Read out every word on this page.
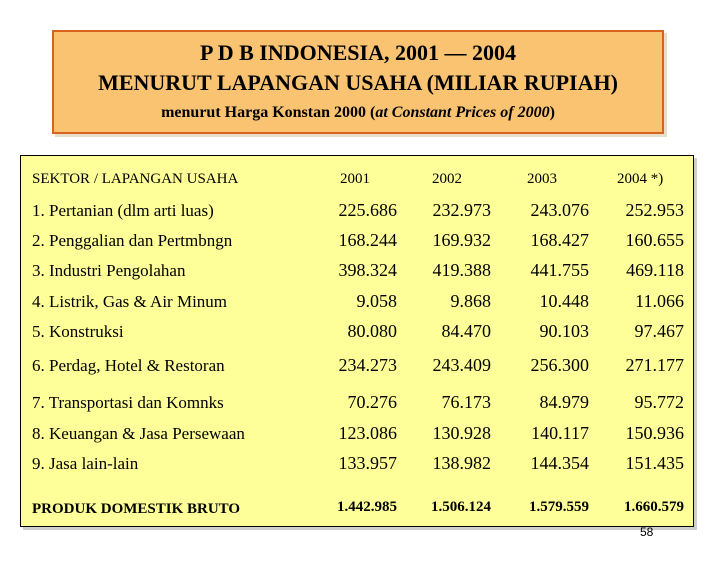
P D B INDONESIA, 2001 — 2004
MENURUT LAPANGAN USAHA (MILIAR RUPIAH)
menurut Harga Konstan 2000 (at Constant Prices of 2000)
SEKTOR / LAPANGAN USAHA	2001	2002	2003	2004 *)
1. Pertanian (dlm arti luas)	225.686	232.973	243.076	252.953
2. Penggalian dan Pertmbngn	168.244	169.932	168.427	160.655
3. Industri Pengolahan	398.324	419.388	441.755	469.118
4. Listrik, Gas & Air Minum	9.058	9.868	10.448	11.066
5. Konstruksi	80.080	84.470	90.103	97.467
6. Perdag, Hotel & Restoran	234.273	243.409	256.300	271.177
7. Transportasi dan Komnks	70.276	76.173	84.979	95.772
8. Keuangan & Jasa Persewaan	123.086	130.928	140.117	150.936
9. Jasa lain-lain	133.957	138.982	144.354	151.435
PRODUK DOMESTIK BRUTO	1.442.985	1.506.124	1.579.559	1.660.579
58
